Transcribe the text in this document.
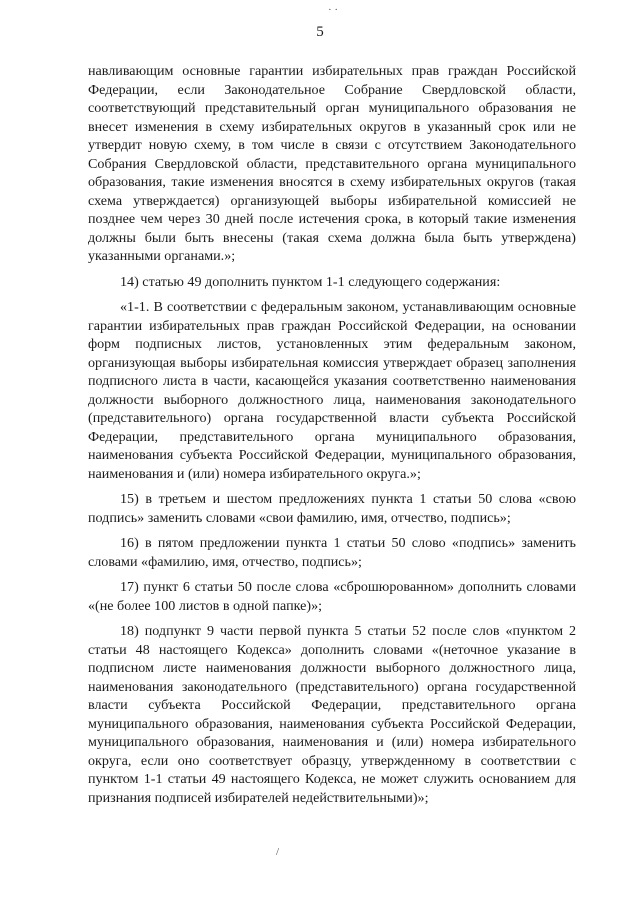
· ·
5

навливающим основные гарантии избирательных прав граждан Российской Федерации, если Законодательное Собрание Свердловской области, соответствующий представительный орган муниципального образования не внесет изменения в схему избирательных округов в указанный срок или не утвердит новую схему, в том числе в связи с отсутствием Законодательного Собрания Свердловской области, представительного органа муниципального образования, такие изменения вносятся в схему избирательных округов (такая схема утверждается) организующей выборы избирательной комиссией не позднее чем через 30 дней после истечения срока, в который такие изменения должны были быть внесены (такая схема должна была быть утверждена) указанными органами.»;

14) статью 49 дополнить пунктом 1-1 следующего содержания:

«1-1. В соответствии с федеральным законом, устанавливающим основные гарантии избирательных прав граждан Российской Федерации, на основании форм подписных листов, установленных этим федеральным законом, организующая выборы избирательная комиссия утверждает образец заполнения подписного листа в части, касающейся указания соответственно наименования должности выборного должностного лица, наименования законодательного (представительного) органа государственной власти субъекта Российской Федерации, представительного органа муниципального образования, наименования субъекта Российской Федерации, муниципального образования, наименования и (или) номера избирательного округа.»;

15) в третьем и шестом предложениях пункта 1 статьи 50 слова «свою подпись» заменить словами «свои фамилию, имя, отчество, подпись»;

16) в пятом предложении пункта 1 статьи 50 слово «подпись» заменить словами «фамилию, имя, отчество, подпись»;

17) пункт 6 статьи 50 после слова «сброшюрованном» дополнить словами «(не более 100 листов в одной папке)»;

18) подпункт 9 части первой пункта 5 статьи 52 после слов «пунктом 2 статьи 48 настоящего Кодекса» дополнить словами «(неточное указание в подписном листе наименования должности выборного должностного лица, наименования законодательного (представительного) органа государственной власти субъекта Российской Федерации, представительного органа муниципального образования, наименования субъекта Российской Федерации, муниципального образования, наименования и (или) номера избирательного округа, если оно соответствует образцу, утвержденному в соответствии с пунктом 1-1 статьи 49 настоящего Кодекса, не может служить основанием для признания подписей избирателей недействительными)»;

/
